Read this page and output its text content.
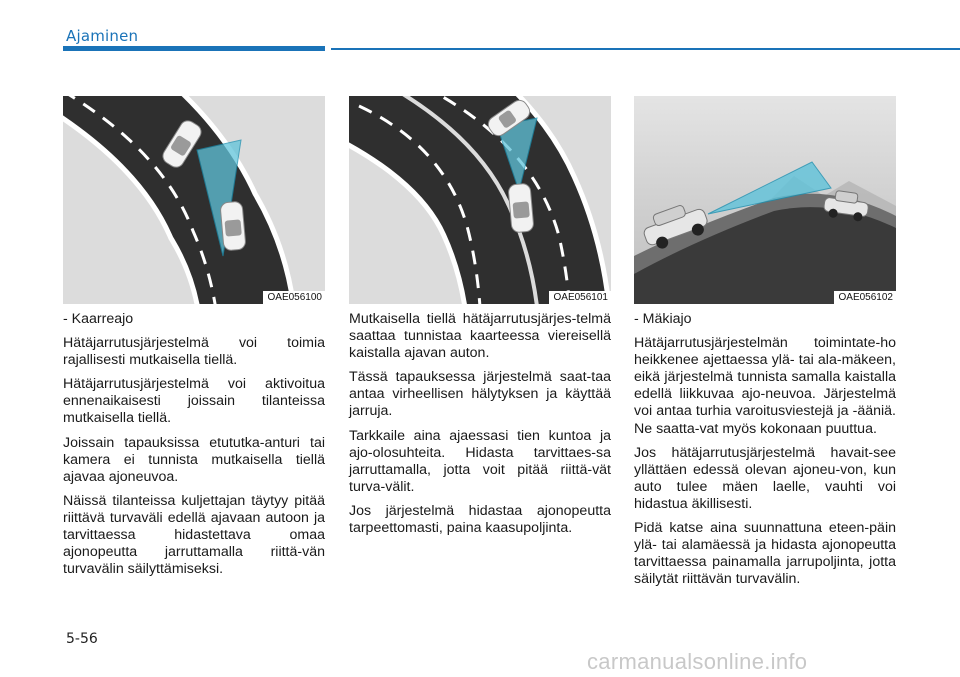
Ajaminen
OAE056100	OAE056101	OAE056102

- Kaarreajo

Hätäjarrutusjärjestelmä voi toimia rajallisesti mutkaisella tiellä.

Hätäjarrutusjärjestelmä voi aktivoitua ennenaikaisesti joissain tilanteissa mutkaisella tiellä.

Joissain tapauksissa etututka-anturi tai kamera ei tunnista mutkaisella tiellä ajavaa ajoneuvoa.

Näissä tilanteissa kuljettajan täytyy pitää riittävä turvaväli edellä ajavaan autoon ja tarvittaessa hidastettava omaa ajonopeutta jarruttamalla riittä-vän turvavälin säilyttämiseksi.

Mutkaisella tiellä hätäjarrutusjärjes-telmä saattaa tunnistaa kaarteessa viereisellä kaistalla ajavan auton.

Tässä tapauksessa järjestelmä saat-taa antaa virheellisen hälytyksen ja käyttää jarruja.

Tarkkaile aina ajaessasi tien kuntoa ja ajo-olosuhteita. Hidasta tarvittaes-sa jarruttamalla, jotta voit pitää riittä-vät turva-välit.

Jos järjestelmä hidastaa ajonopeutta tarpeettomasti, paina kaasupoljinta.

- Mäkiajo

Hätäjarrutusjärjestelmän toimintate-ho heikkenee ajettaessa ylä- tai ala-mäkeen, eikä järjestelmä tunnista samalla kaistalla edellä liikkuvaa ajo-neuvoa. Järjestelmä voi antaa turhia varoitusviestejä ja -ääniä. Ne saatta-vat myös kokonaan puuttua.

Jos hätäjarrutusjärjestelmä havait-see yllättäen edessä olevan ajoneu-von, kun auto tulee mäen laelle, vauhti voi hidastua äkillisesti.

Pidä katse aina suunnattuna eteen-päin ylä- tai alamäessä ja hidasta ajonopeutta tarvittaessa painamalla jarrupoljinta, jotta säilytät riittävän turvavälin.

5-56
carmanualsonline.info
